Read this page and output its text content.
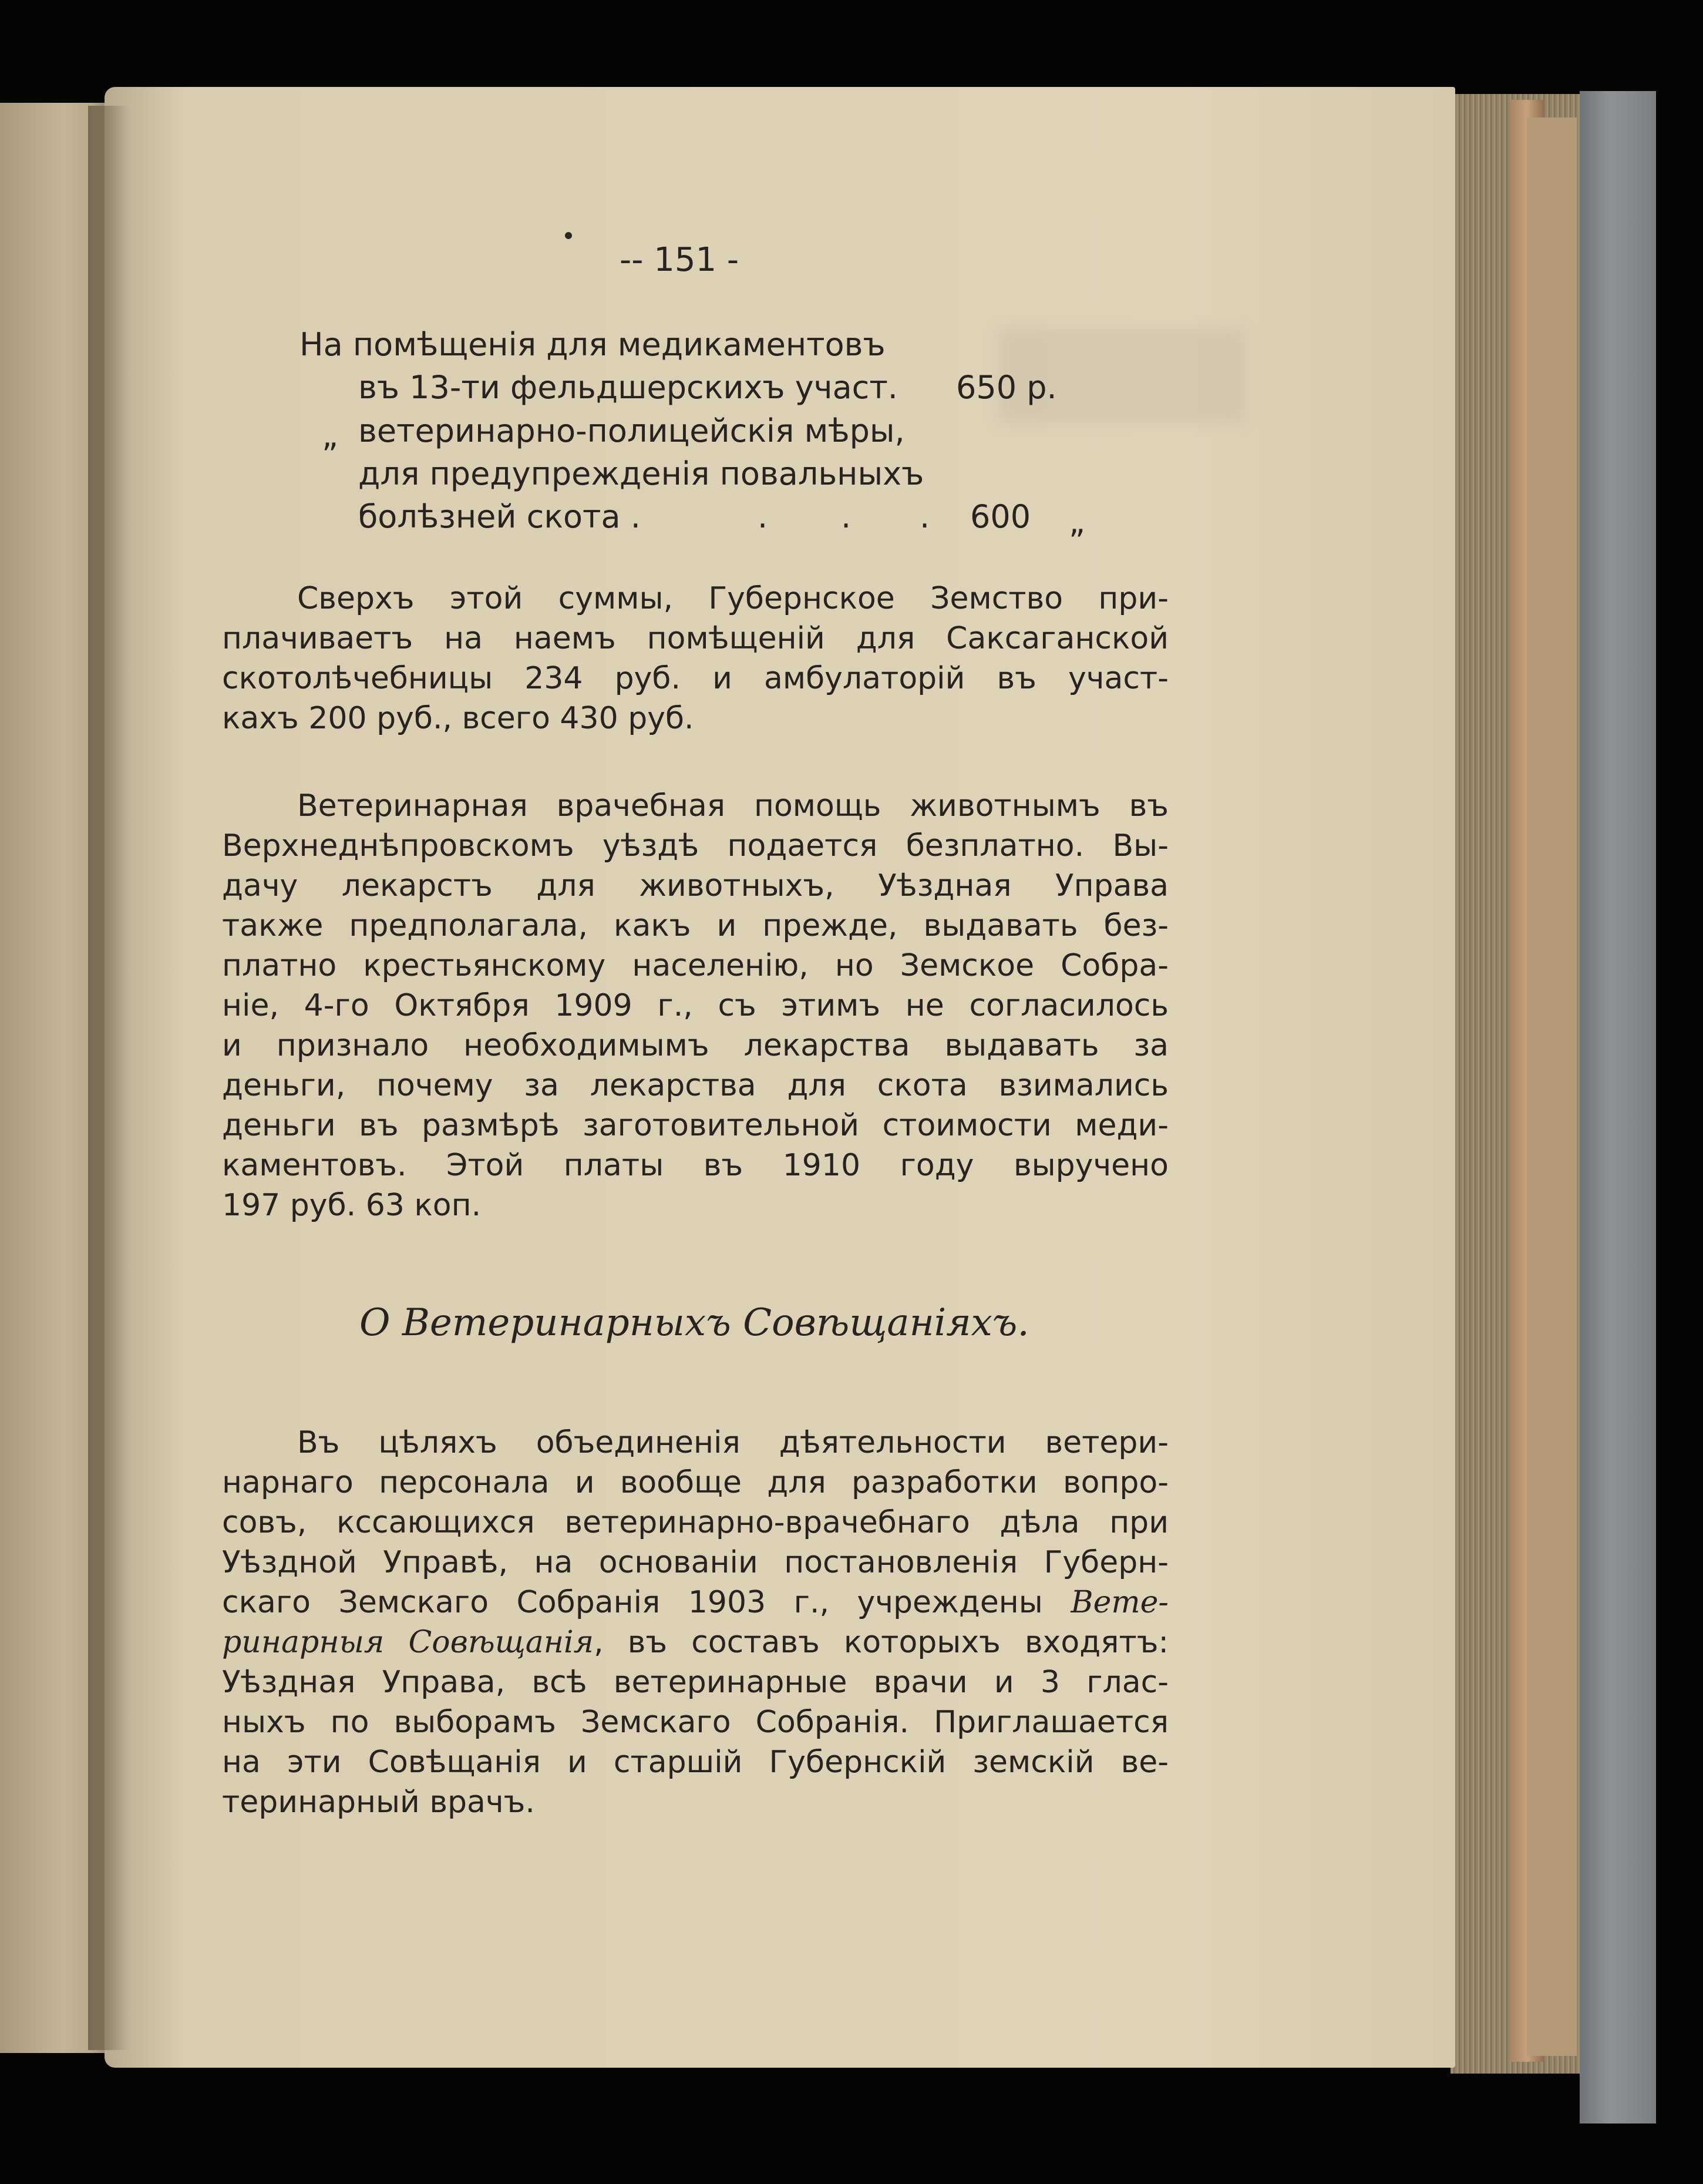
-- 151 -
На помѣщенія для медикаментовъ
въ 13-ти фельдшерскихъ участ. 650 р.
„ ветеринарно-полицейскія мѣры,
для предупрежденія повальныхъ
болѣзней скота .	. . . 600 „
Сверхъ этой суммы, Губернское Земство при-
плачиваетъ на наемъ помѣщеній для Саксаганской
скотолѣчебницы 234 руб. и амбулаторій въ участ-
кахъ 200 руб., всего 430 руб.
Ветеринарная врачебная помощь животнымъ въ
Верхнеднѣпровскомъ уѣздѣ подается безплатно. Вы-
дачу лекарстъ для животныхъ, Уѣздная Управа
также предполагала, какъ и прежде, выдавать без-
платно крестьянскому населенію, но Земское Собра-
ніе, 4-го Октября 1909 г., съ этимъ не согласилось
и признало необходимымъ лекарства выдавать за
деньги, почему за лекарства для скота взимались
деньги въ размѣрѣ заготовительной стоимости меди-
каментовъ. Этой платы въ 1910 году выручено
197 руб. 63 коп.
О Ветеринарныхъ Совѣщаніяхъ.
Въ цѣляхъ объединенія дѣятельности ветери-
нарнаго персонала и вообще для разработки вопро-
совъ, кссающихся ветеринарно-врачебнаго дѣла при
Уѣздной Управѣ, на основаніи постановленія Губерн-
скаго Земскаго Собранія 1903 г., учреждены Вете-
ринарныя Совѣщанія, въ составъ которыхъ входятъ:
Уѣздная Управа, всѣ ветеринарные врачи и 3 глас-
ныхъ по выборамъ Земскаго Собранія. Приглашается
на эти Совѣщанія и старшій Губернскій земскій ве-
теринарный врачъ.
